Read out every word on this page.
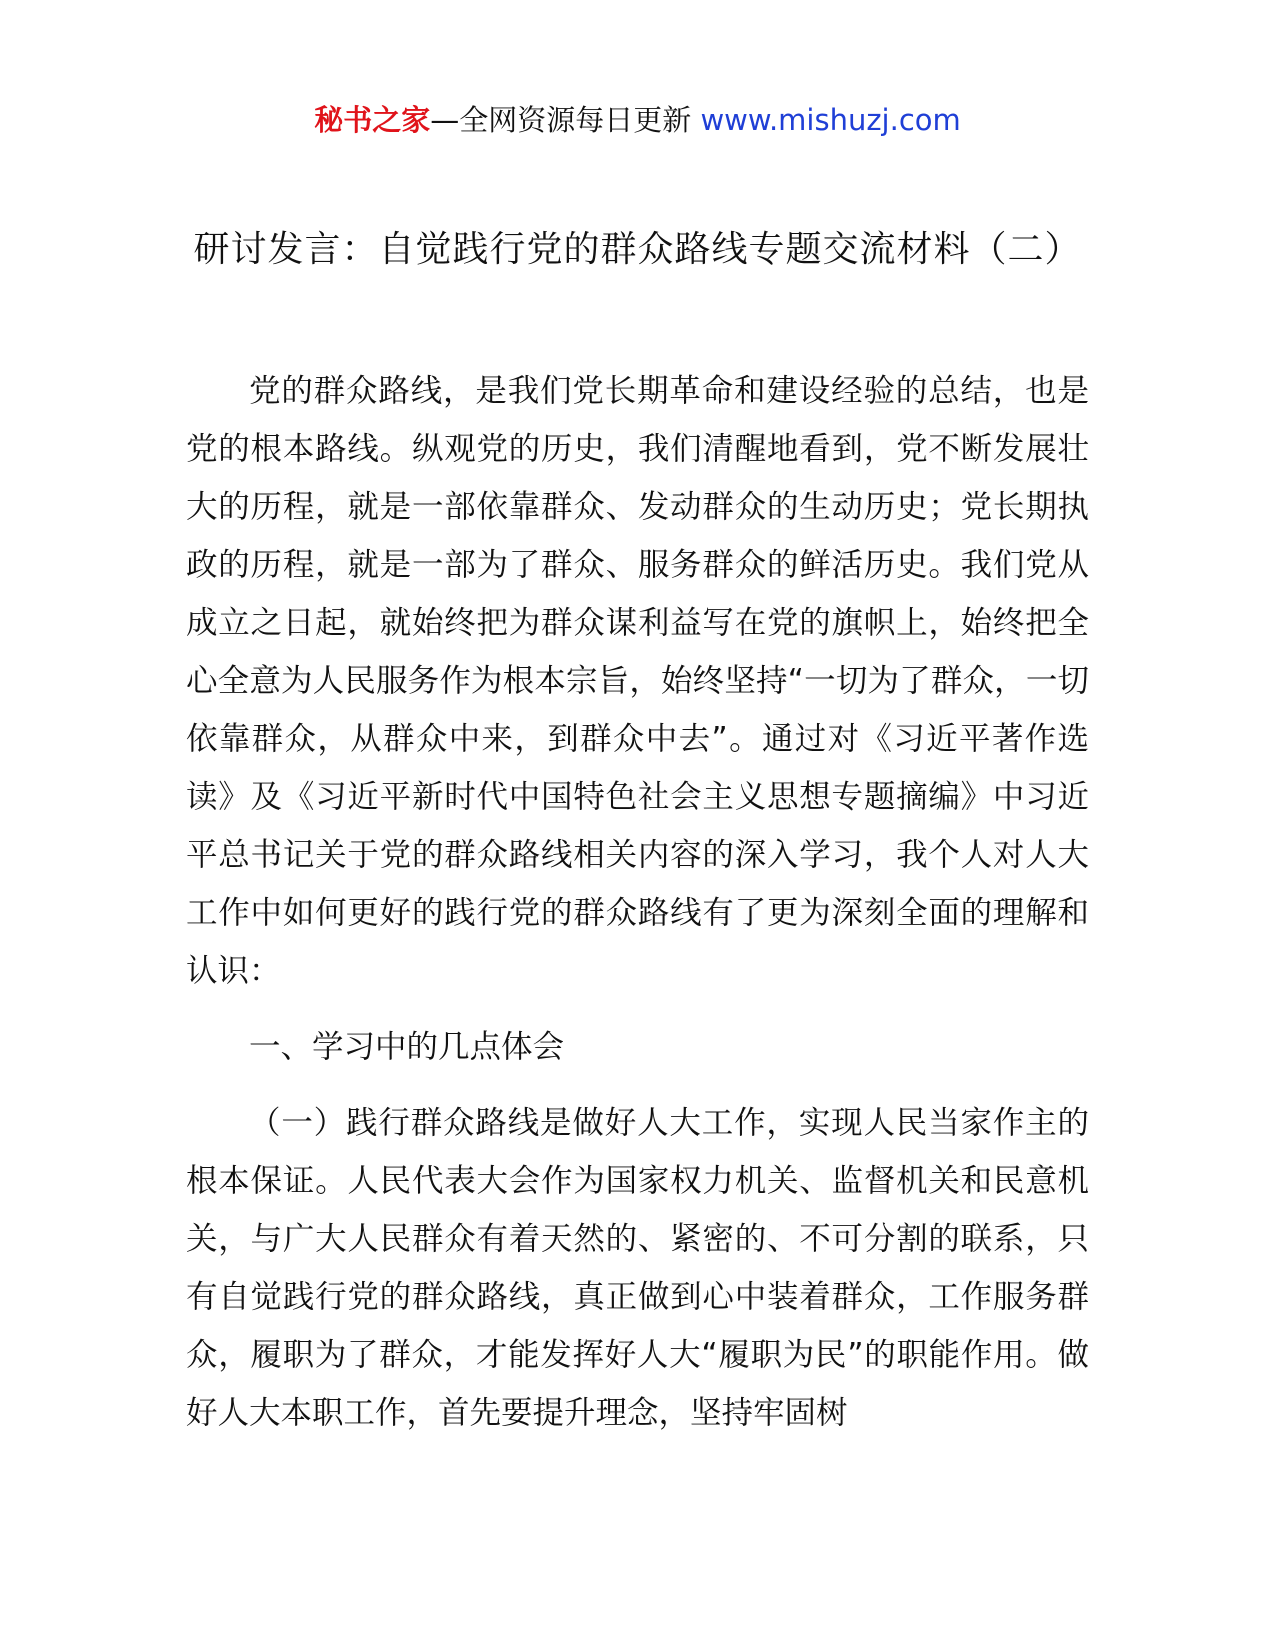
秘书之家—全网资源每日更新 www.mishuzj.com
研讨发言：自觉践行党的群众路线专题交流材料（二）

党的群众路线，是我们党长期革命和建设经验的总结，也是党的根本路线。纵观党的历史，我们清醒地看到，党不断发展壮大的历程，就是一部依靠群众、发动群众的生动历史；党长期执政的历程，就是一部为了群众、服务群众的鲜活历史。我们党从成立之日起，就始终把为群众谋利益写在党的旗帜上，始终把全心全意为人民服务作为根本宗旨，始终坚持“一切为了群众，一切依靠群众，从群众中来，到群众中去”。通过对《习近平著作选读》及《习近平新时代中国特色社会主义思想专题摘编》中习近平总书记关于党的群众路线相关内容的深入学习，我个人对人大工作中如何更好的践行党的群众路线有了更为深刻全面的理解和认识：

一、学习中的几点体会

（一）践行群众路线是做好人大工作，实现人民当家作主的根本保证。人民代表大会作为国家权力机关、监督机关和民意机关，与广大人民群众有着天然的、紧密的、不可分割的联系，只有自觉践行党的群众路线，真正做到心中装着群众，工作服务群众，履职为了群众，才能发挥好人大“履职为民”的职能作用。做好人大本职工作，首先要提升理念，坚持牢固树
